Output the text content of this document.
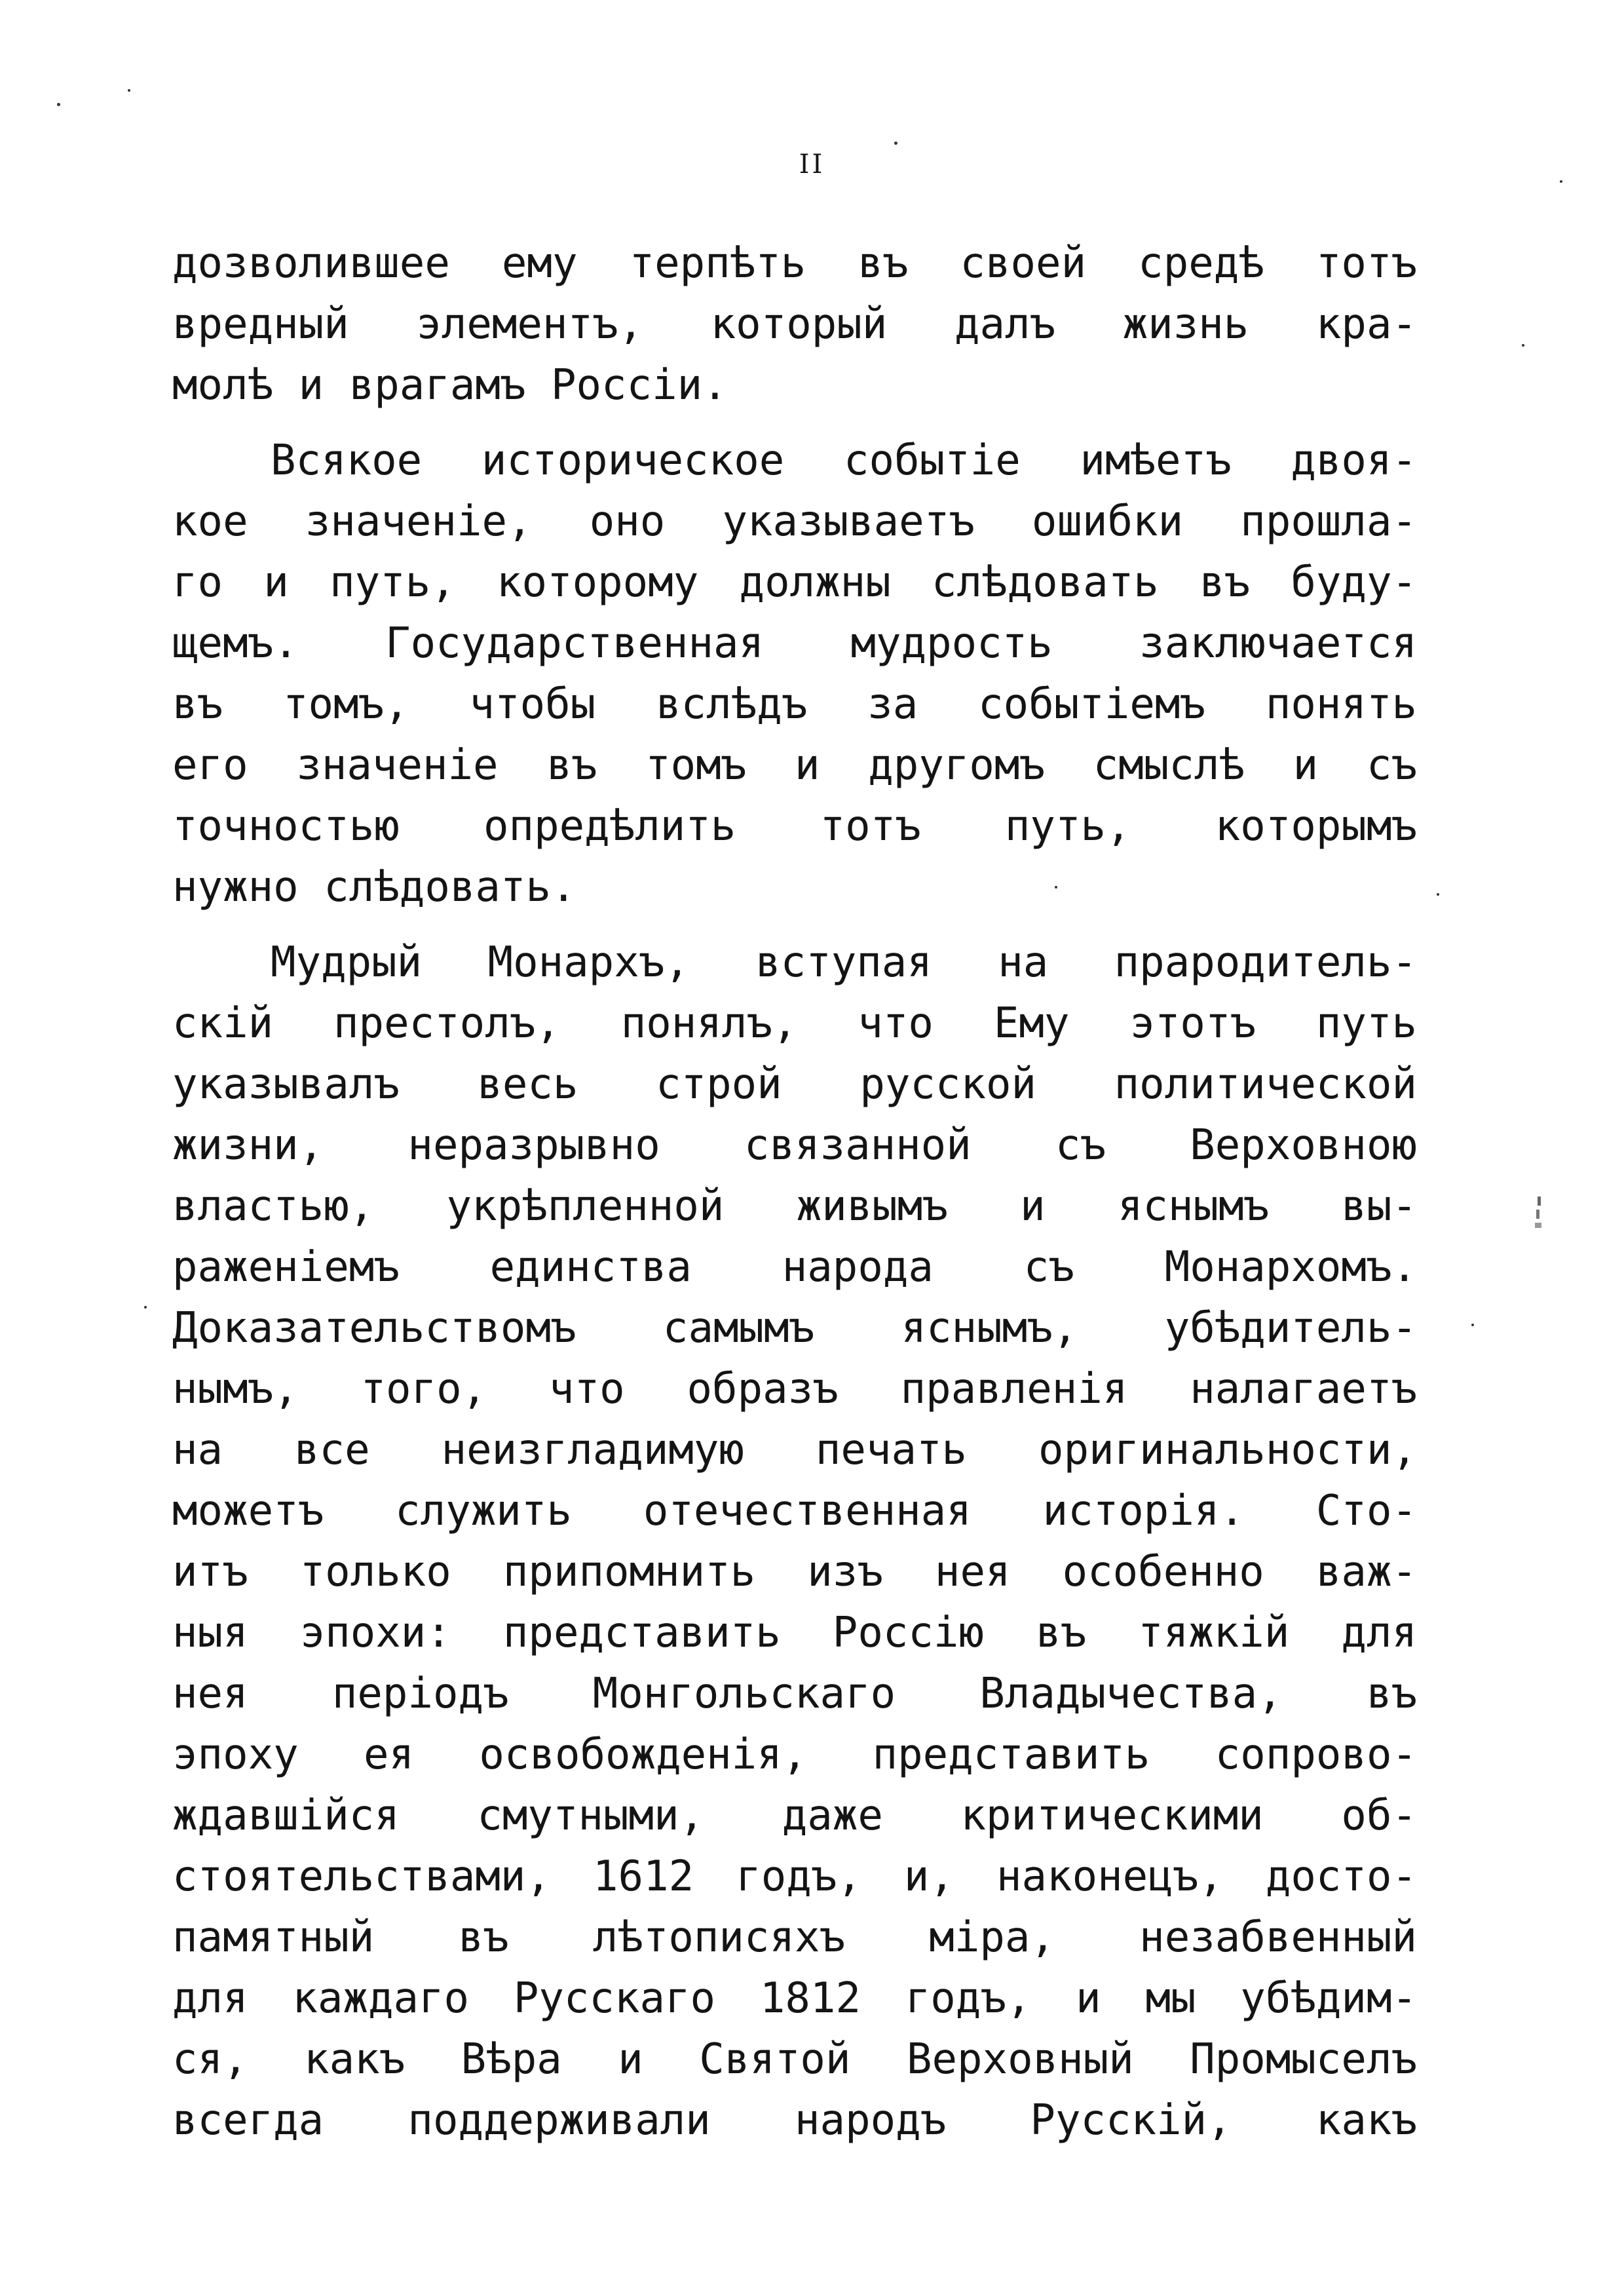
II
дозволившее ему терпѣть въ своей средѣ тотъ
вредный элементъ, который далъ жизнь кра-
молѣ и врагамъ Россіи.
Всякое историческое событіе имѣетъ двоя-
кое значеніе, оно указываетъ ошибки прошла-
го и путь, которому должны слѣдовать въ буду-
щемъ. Государственная мудрость заключается
въ томъ, чтобы вслѣдъ за событіемъ понять
его значеніе въ томъ и другомъ смыслѣ и съ
точностью опредѣлить тотъ путь, которымъ
нужно слѣдовать.
Мудрый Монархъ, вступая на прародитель-
скій престолъ, понялъ, что Ему этотъ путь
указывалъ весь строй русской политической
жизни, неразрывно связанной съ Верховною
властью, укрѣпленной живымъ и яснымъ вы-
раженіемъ единства народа съ Монархомъ.
Доказательствомъ самымъ яснымъ, убѣдитель-
нымъ, того, что образъ правленія налагаетъ
на все неизгладимую печать оригинальности,
можетъ служить отечественная исторія. Сто-
итъ только припомнить изъ нея особенно важ-
ныя эпохи: представить Россію въ тяжкій для
нея періодъ Монгольскаго Владычества, въ
эпоху ея освобожденія, представить сопрово-
ждавшійся смутными, даже критическими об-
стоятельствами, 1612 годъ, и, наконецъ, досто-
памятный въ лѣтописяхъ міра, незабвенный
для каждаго Русскаго 1812 годъ, и мы убѣдим-
ся, какъ Вѣра и Святой Верховный Промыселъ
всегда поддерживали народъ Русскій, какъ
